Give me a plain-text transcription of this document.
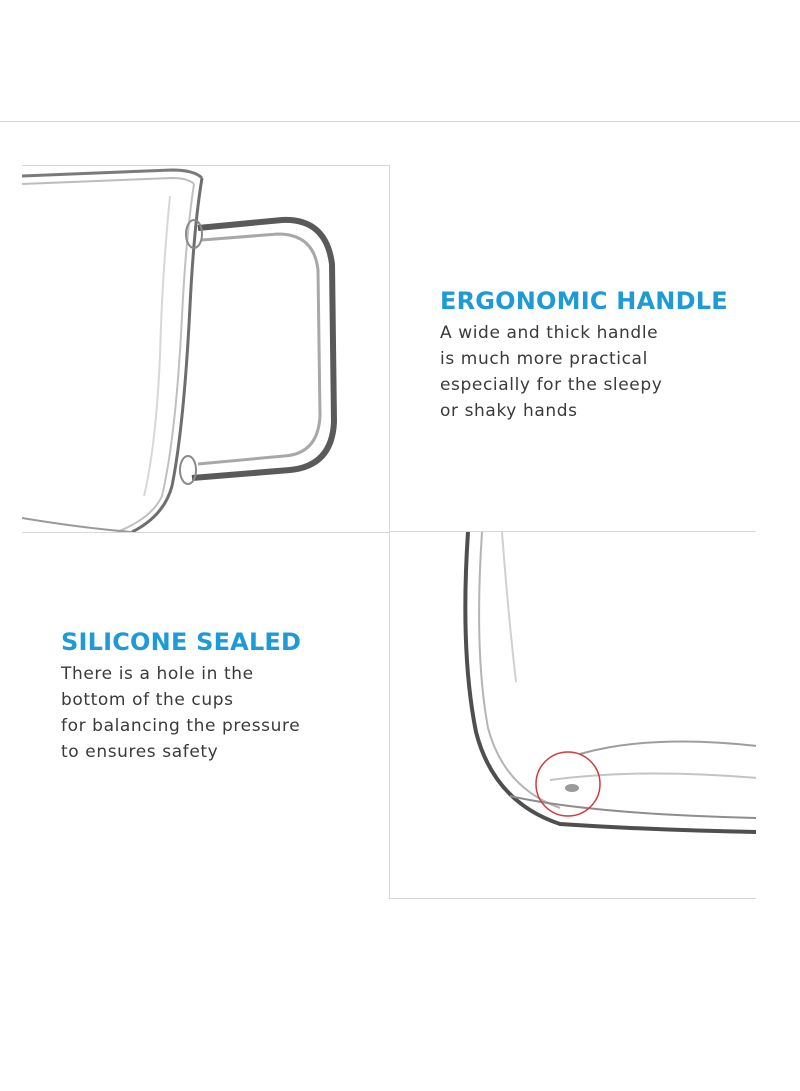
ERGONOMIC HANDLE
A wide and thick handle
is much more practical
especially for the sleepy
or shaky hands
SILICONE SEALED
There is a hole in the
bottom of the cups
for balancing the pressure
to ensures safety
